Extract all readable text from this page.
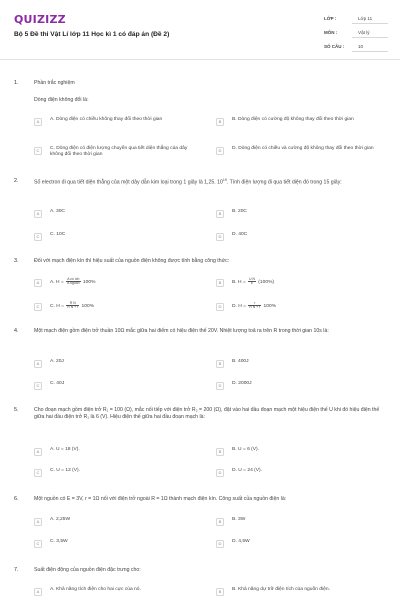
QUIZIZZ
Bộ 5 Đề thi Vật Lí lớp 11 Học kì 1 có đáp án (Đề 2)
LỚP :	Lớp 11
MÔN :	Vật lý
SỐ CÂU :	10
1.	Phần trắc nghiệm
Dòng điện không đổi là:
A	A. Dòng điện có chiều không thay đổi theo thời gian	B	B. Dòng điện có cường độ không thay đổi theo thời gian
C	C. Dòng điện có điện lượng chuyển qua tiết diện thẳng của dây không đổi theo thời gian
D	D. Dòng điện có chiều và cường độ không thay đổi theo thời gian
2.	Số electron đi qua tiết diện thẳng của một dây dẫn kim loại trong 1 giây là 1,25. $10^{19}$. Tính điện lượng đi qua tiết diện đó trong 15 giây:
A	A. 30C	B	B. 20C
C	C. 10C	D	D. 40C
3.	Đối với mạch điện kín thì hiệu suất của nguồn điện không được tính bằng công thức:
A	A. $H = \frac{\text{A có ích}}{\text{A nguồn}} 100\%$	B	B. $H = \frac{\text{U N}}{E} (100\%)$
C	C. $H = \frac{\text{R N}}{\text{R N + r}} 100\%$	D	D. $H = \frac{r}{\text{R N + r}} 100\%$
4.	Một mạch điện gồm điện trở thuần 10Ω mắc giữa hai điểm có hiệu điện thế 20V. Nhiệt lượng toả ra trên R trong thời gian 10s là:
A	A. 20J	B	B. 400J
C	C. 40J	D	D. 2000J
5.	Cho đoạn mạch gồm điện trở R₁ = 100 (Ω), mắc nối tiếp với điện trở R₂ = 200 (Ω), đặt vào hai đầu đoạn mạch một hiệu điện thế U khi đó hiệu điện thế giữa hai đầu điện trở R₁ là 6 (V). Hiệu điện thế giữa hai đầu đoạn mạch là:
A	A. U = 18 (V).	B	B. U = 6 (V).
C	C. U = 12 (V).	D	D. U = 24 (V).
6.	Một nguồn có E = 3V, r = 1Ω nối với điện trở ngoài R = 1Ω thành mạch điện kín. Công suất của nguồn điện là:
A	A. 2,25W	B	B. 3W
C	C. 3,5W	D	D. 4,5W
7.	Suất điện động của nguồn điện đặc trưng cho:
A	A. Khả năng tích điện cho hai cực của nó.	B	B. Khả năng dự trữ điện tích của nguồn điện.
